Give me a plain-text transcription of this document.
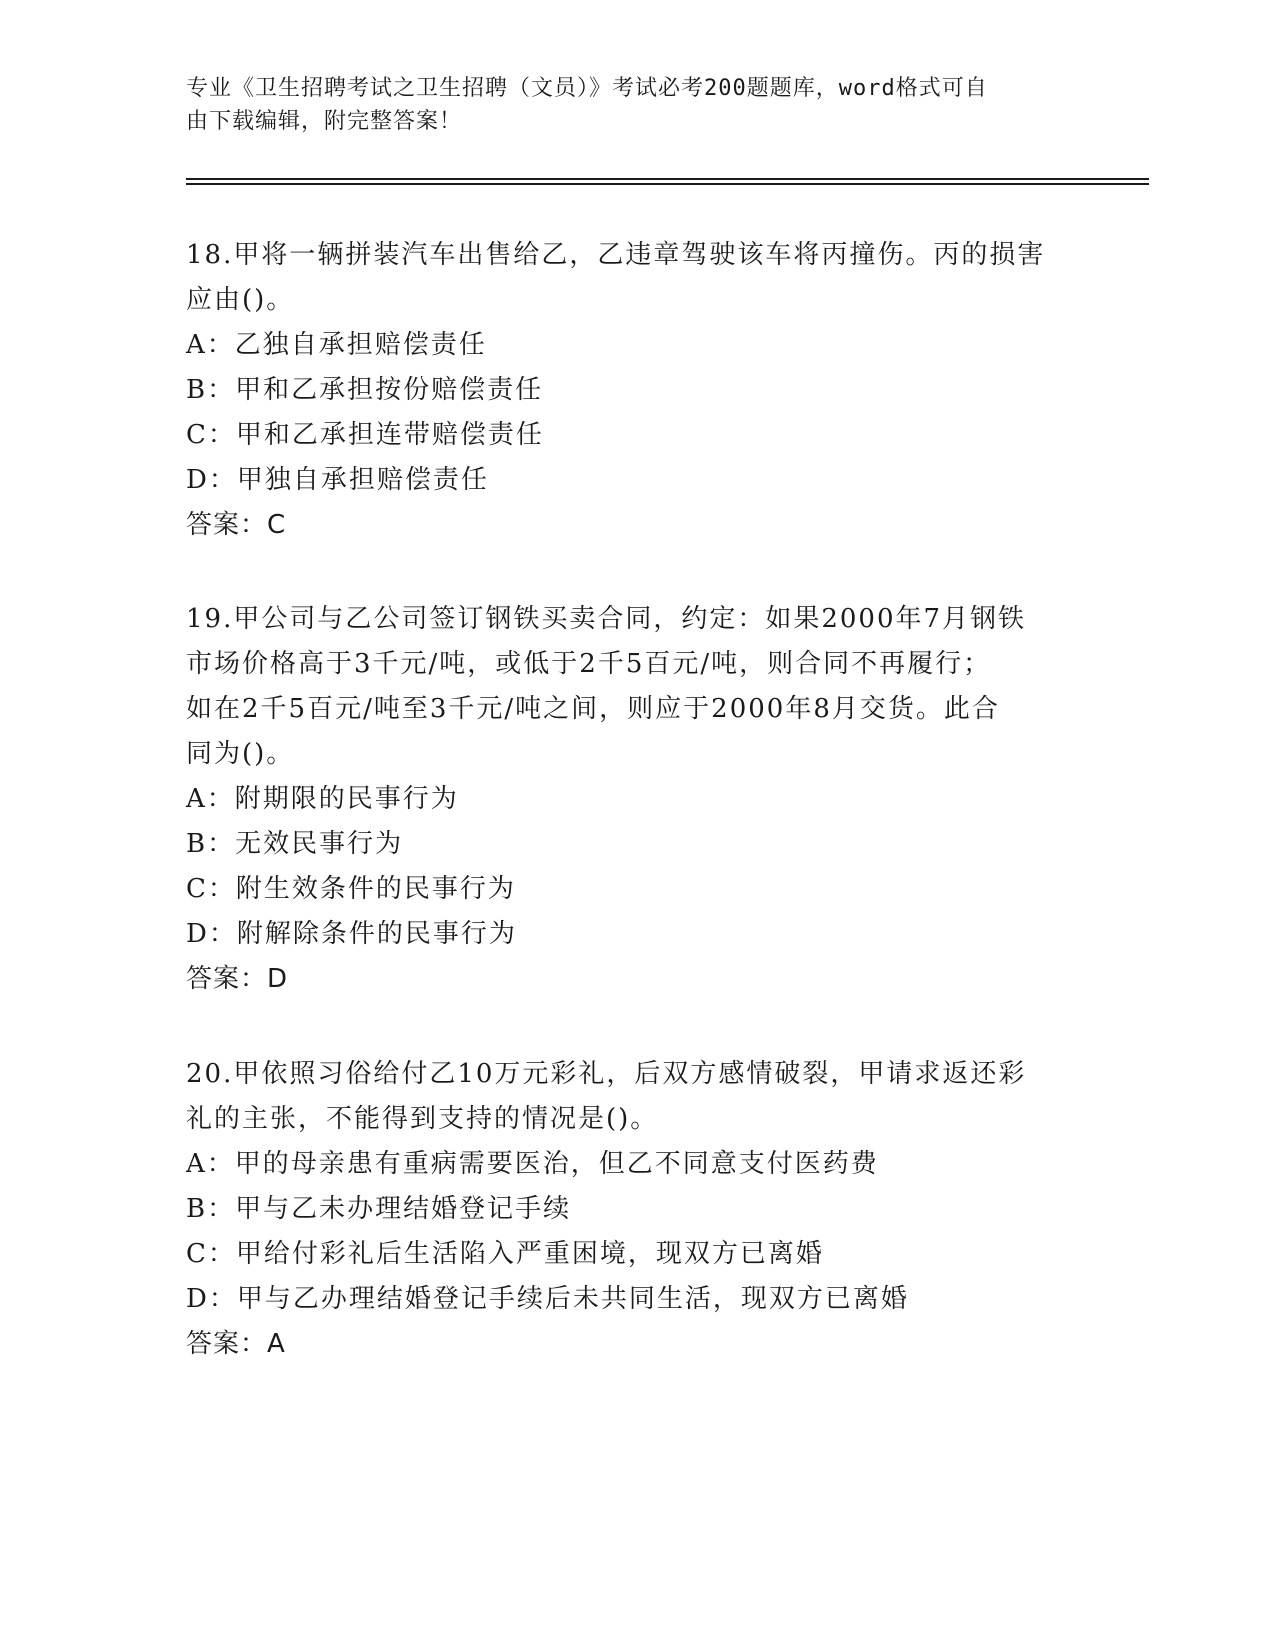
专业《卫生招聘考试之卫生招聘（文员）》考试必考200题题库，word格式可自

由下载编辑，附完整答案！

18.甲将一辆拼装汽车出售给乙，乙违章驾驶该车将丙撞伤。丙的损害
应由()。
A：乙独自承担赔偿责任
B：甲和乙承担按份赔偿责任
C：甲和乙承担连带赔偿责任
D：甲独自承担赔偿责任
答案：C
19.甲公司与乙公司签订钢铁买卖合同，约定：如果2000年7月钢铁
市场价格高于3千元/吨，或低于2千5百元/吨，则合同不再履行；
如在2千5百元/吨至3千元/吨之间，则应于2000年8月交货。此合
同为()。
A：附期限的民事行为
B：无效民事行为
C：附生效条件的民事行为
D：附解除条件的民事行为
答案：D
20.甲依照习俗给付乙10万元彩礼，后双方感情破裂，甲请求返还彩
礼的主张，不能得到支持的情况是()。
A：甲的母亲患有重病需要医治，但乙不同意支付医药费
B：甲与乙未办理结婚登记手续
C：甲给付彩礼后生活陷入严重困境，现双方已离婚
D：甲与乙办理结婚登记手续后未共同生活，现双方已离婚
答案：A
